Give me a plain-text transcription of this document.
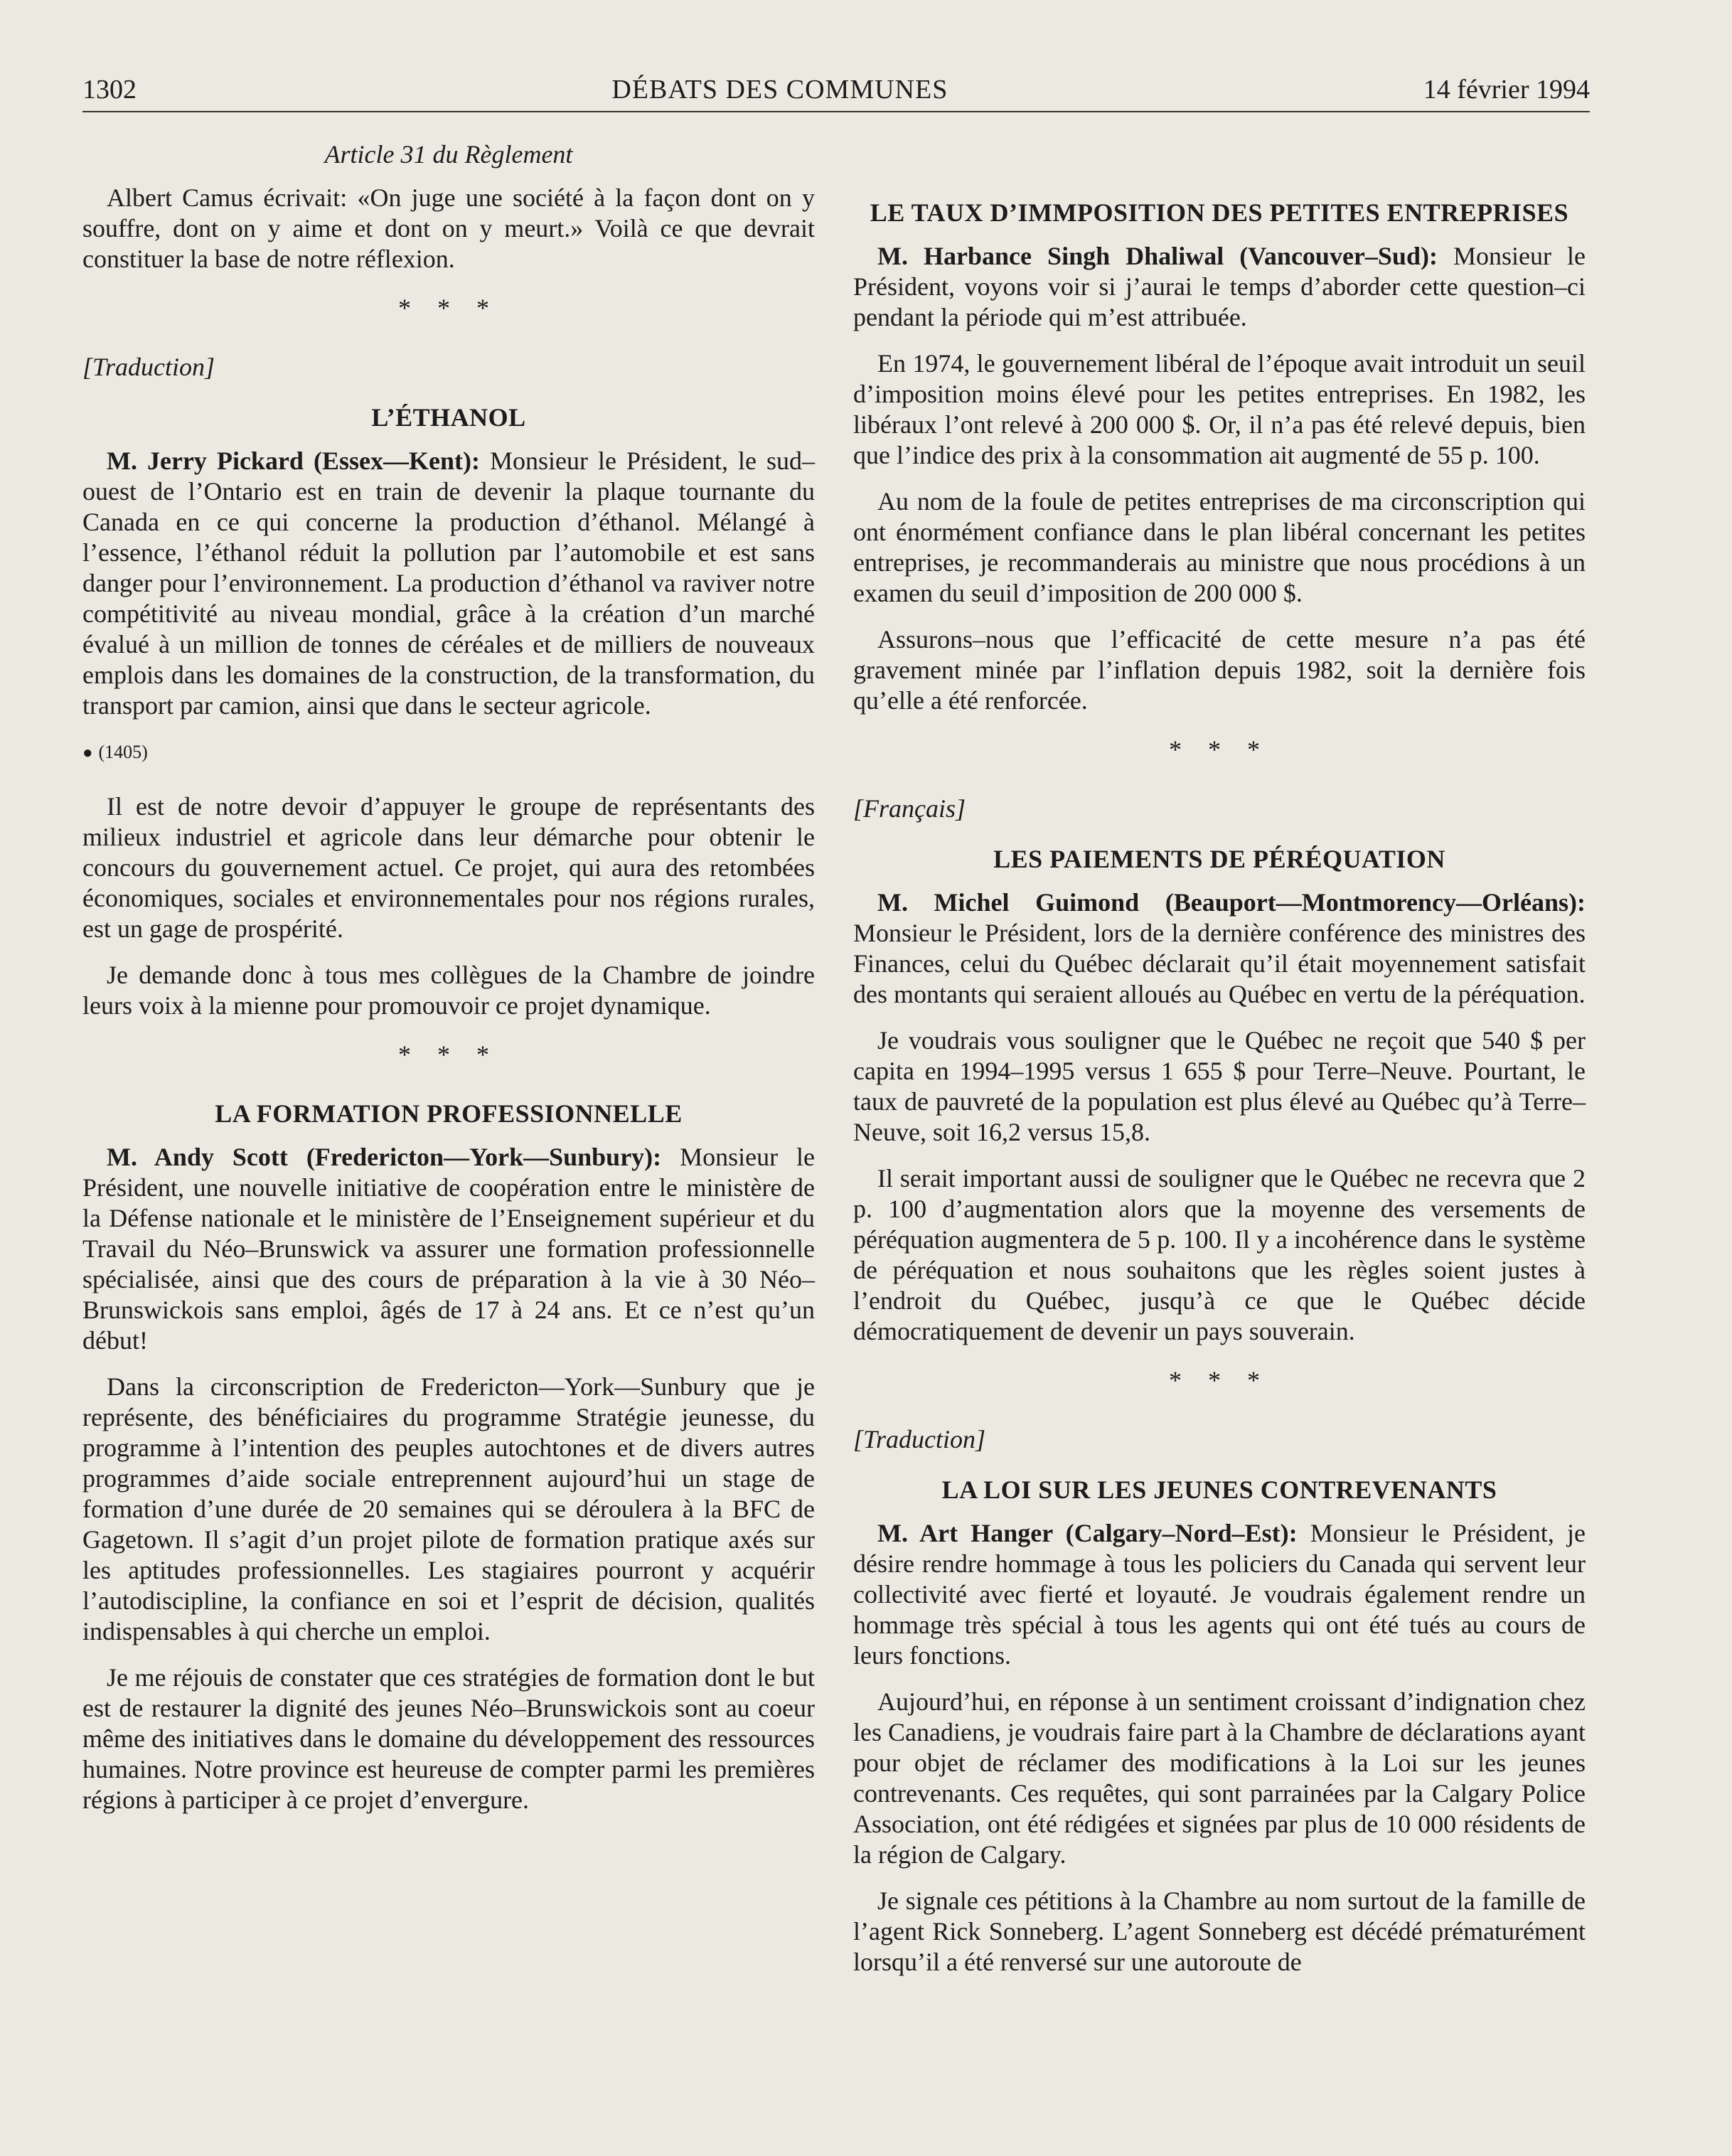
1302	DÉBATS DES COMMUNES	14 février 1994
Article 31 du Règlement

Albert Camus écrivait: «On juge une société à la façon dont on y souffre, dont on y aime et dont on y meurt.» Voilà ce que devrait constituer la base de notre réflexion.

* * *
[Traduction]
L’ÉTHANOL

M. Jerry Pickard (Essex—Kent): Monsieur le Président, le sud–ouest de l’Ontario est en train de devenir la plaque tournante du Canada en ce qui concerne la production d’éthanol. Mélangé à l’essence, l’éthanol réduit la pollution par l’automobile et est sans danger pour l’environnement. La production d’éthanol va raviver notre compétitivité au niveau mondial, grâce à la création d’un marché évalué à un million de tonnes de céréales et de milliers de nouveaux emplois dans les domaines de la construction, de la transformation, du transport par camion, ainsi que dans le secteur agricole.

● (1405)

Il est de notre devoir d’appuyer le groupe de représentants des milieux industriel et agricole dans leur démarche pour obtenir le concours du gouvernement actuel. Ce projet, qui aura des retombées économiques, sociales et environnementales pour nos régions rurales, est un gage de prospérité.

Je demande donc à tous mes collègues de la Chambre de joindre leurs voix à la mienne pour promouvoir ce projet dynamique.

* * *
LA FORMATION PROFESSIONNELLE

M. Andy Scott (Fredericton—York—Sunbury): Monsieur le Président, une nouvelle initiative de coopération entre le ministère de la Défense nationale et le ministère de l’Enseignement supérieur et du Travail du Néo–Brunswick va assurer une formation professionnelle spécialisée, ainsi que des cours de préparation à la vie à 30 Néo–Brunswickois sans emploi, âgés de 17 à 24 ans. Et ce n’est qu’un début!

Dans la circonscription de Fredericton—York—Sunbury que je représente, des bénéficiaires du programme Stratégie jeunesse, du programme à l’intention des peuples autochtones et de divers autres programmes d’aide sociale entreprennent aujourd’hui un stage de formation d’une durée de 20 semaines qui se déroulera à la BFC de Gagetown. Il s’agit d’un projet pilote de formation pratique axés sur les aptitudes professionnelles. Les stagiaires pourront y acquérir l’autodiscipline, la confiance en soi et l’esprit de décision, qualités indispensables à qui cherche un emploi.

Je me réjouis de constater que ces stratégies de formation dont le but est de restaurer la dignité des jeunes Néo–Brunswickois sont au coeur même des initiatives dans le domaine du développement des ressources humaines. Notre province est heureuse de compter parmi les premières régions à participer à ce projet d’envergure.

LE TAUX D’IMMPOSITION DES PETITES ENTREPRISES

M. Harbance Singh Dhaliwal (Vancouver–Sud): Monsieur le Président, voyons voir si j’aurai le temps d’aborder cette question–ci pendant la période qui m’est attribuée.

En 1974, le gouvernement libéral de l’époque avait introduit un seuil d’imposition moins élevé pour les petites entreprises. En 1982, les libéraux l’ont relevé à 200 000 $. Or, il n’a pas été relevé depuis, bien que l’indice des prix à la consommation ait augmenté de 55 p. 100.

Au nom de la foule de petites entreprises de ma circonscription qui ont énormément confiance dans le plan libéral concernant les petites entreprises, je recommanderais au ministre que nous procédions à un examen du seuil d’imposition de 200 000 $.

Assurons–nous que l’efficacité de cette mesure n’a pas été gravement minée par l’inflation depuis 1982, soit la dernière fois qu’elle a été renforcée.

* * *
[Français]
LES PAIEMENTS DE PÉRÉQUATION

M. Michel Guimond (Beauport—Montmorency—Orléans): Monsieur le Président, lors de la dernière conférence des ministres des Finances, celui du Québec déclarait qu’il était moyennement satisfait des montants qui seraient alloués au Québec en vertu de la péréquation.

Je voudrais vous souligner que le Québec ne reçoit que 540 $ per capita en 1994–1995 versus 1 655 $ pour Terre–Neuve. Pourtant, le taux de pauvreté de la population est plus élevé au Québec qu’à Terre–Neuve, soit 16,2 versus 15,8.

Il serait important aussi de souligner que le Québec ne recevra que 2 p. 100 d’augmentation alors que la moyenne des versements de péréquation augmentera de 5 p. 100. Il y a incohérence dans le système de péréquation et nous souhaitons que les règles soient justes à l’endroit du Québec, jusqu’à ce que le Québec décide démocratiquement de devenir un pays souverain.

* * *
[Traduction]
LA LOI SUR LES JEUNES CONTREVENANTS

M. Art Hanger (Calgary–Nord–Est): Monsieur le Président, je désire rendre hommage à tous les policiers du Canada qui servent leur collectivité avec fierté et loyauté. Je voudrais également rendre un hommage très spécial à tous les agents qui ont été tués au cours de leurs fonctions.

Aujourd’hui, en réponse à un sentiment croissant d’indignation chez les Canadiens, je voudrais faire part à la Chambre de déclarations ayant pour objet de réclamer des modifications à la Loi sur les jeunes contrevenants. Ces requêtes, qui sont parrainées par la Calgary Police Association, ont été rédigées et signées par plus de 10 000 résidents de la région de Calgary.

Je signale ces pétitions à la Chambre au nom surtout de la famille de l’agent Rick Sonneberg. L’agent Sonneberg est décédé prématurément lorsqu’il a été renversé sur une autoroute de
